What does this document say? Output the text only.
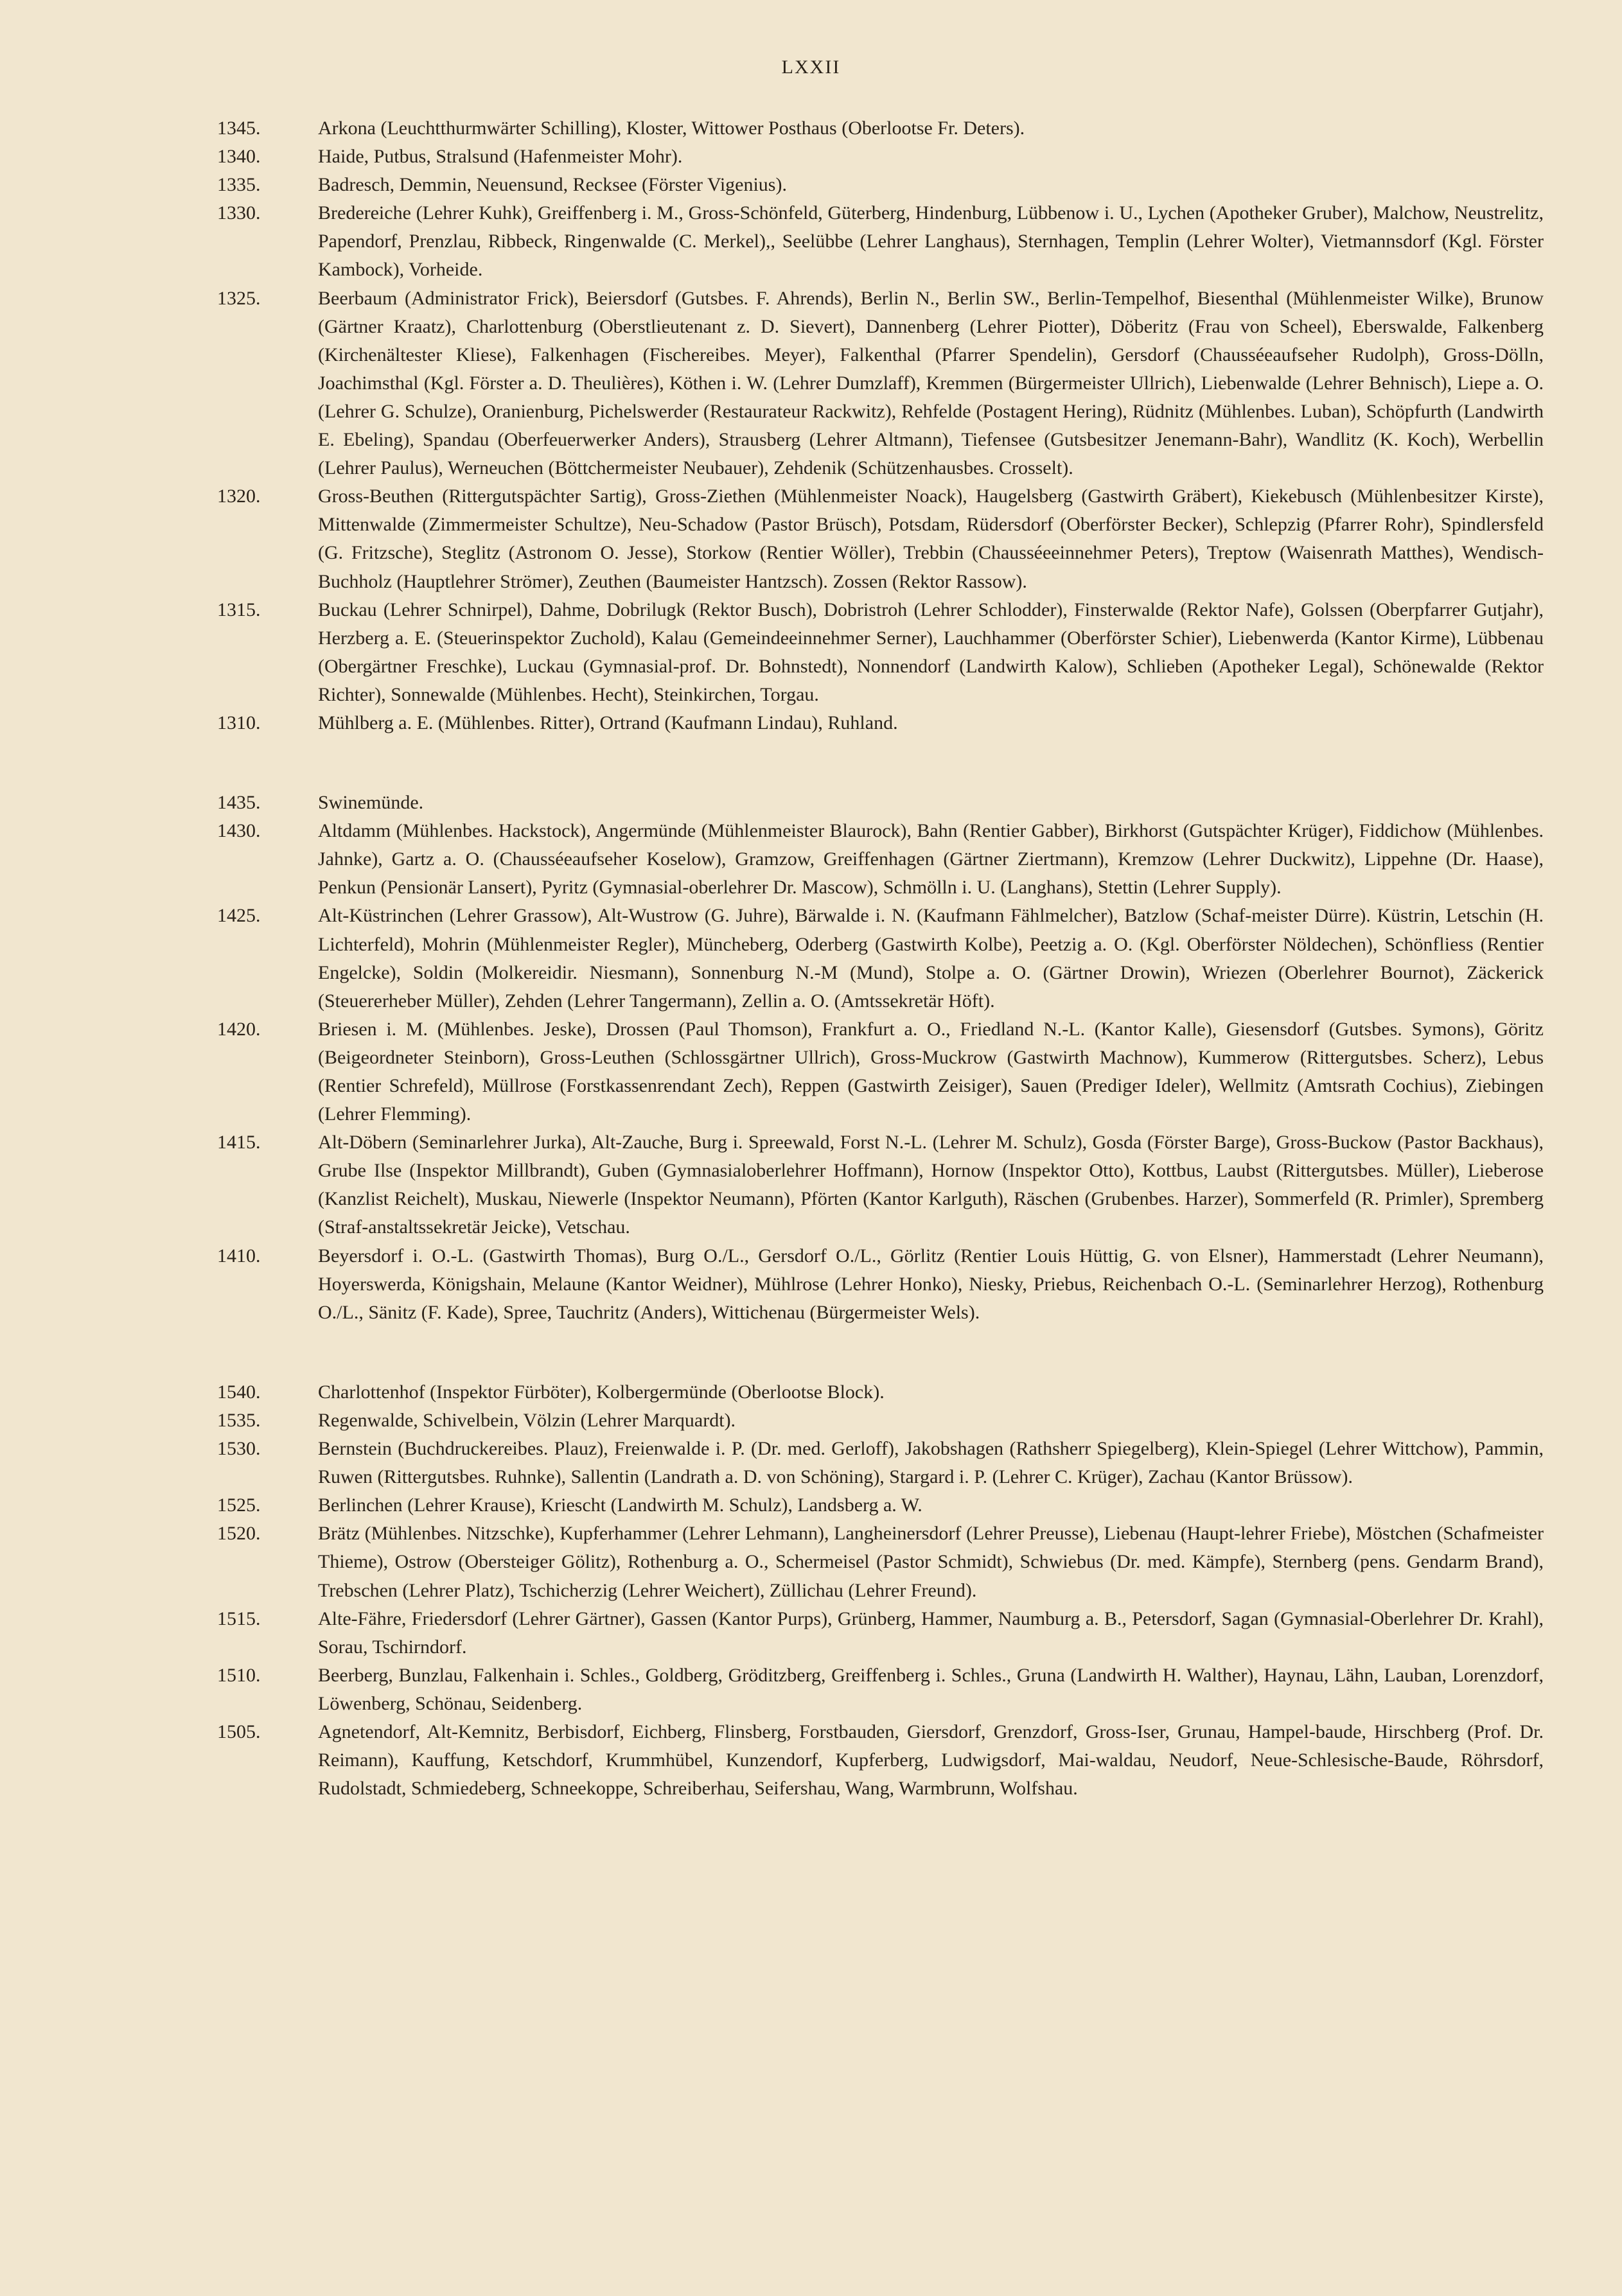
LXXII
1345.	Arkona (Leuchtthurmwärter Schilling), Kloster, Wittower Posthaus (Oberlootse Fr. Deters).
1340.	Haide, Putbus, Stralsund (Hafenmeister Mohr).
1335.	Badresch, Demmin, Neuensund, Recksee (Förster Vigenius).
1330.	Bredereiche (Lehrer Kuhk), Greiffenberg i. M., Gross-Schönfeld, Güterberg, Hindenburg, Lübbenow i. U., Lychen (Apotheker Gruber), Malchow, Neustrelitz, Papendorf, Prenzlau, Ribbeck, Ringenwalde (C. Merkel),, Seelübbe (Lehrer Langhaus), Sternhagen, Templin (Lehrer Wolter), Vietmannsdorf (Kgl. Förster Kambock), Vorheide.
1325.	Beerbaum (Administrator Frick), Beiersdorf (Gutsbes. F. Ahrends), Berlin N., Berlin SW., Berlin-Tempelhof, Biesenthal (Mühlenmeister Wilke), Brunow (Gärtner Kraatz), Charlottenburg (Oberstlieutenant z. D. Sievert), Dannenberg (Lehrer Piotter), Döberitz (Frau von Scheel), Eberswalde, Falkenberg (Kirchenältester Kliese), Falkenhagen (Fischereibes. Meyer), Falkenthal (Pfarrer Spendelin), Gersdorf (Chausséeaufseher Rudolph), Gross-Dölln, Joachimsthal (Kgl. Förster a. D. Theulières), Köthen i. W. (Lehrer Dumzlaff), Kremmen (Bürgermeister Ullrich), Liebenwalde (Lehrer Behnisch), Liepe a. O. (Lehrer G. Schulze), Oranienburg, Pichelswerder (Restaurateur Rackwitz), Rehfelde (Postagent Hering), Rüdnitz (Mühlenbes. Luban), Schöpfurth (Landwirth E. Ebeling), Spandau (Oberfeuerwerker Anders), Strausberg (Lehrer Altmann), Tiefensee (Gutsbesitzer Jenemann-Bahr), Wandlitz (K. Koch), Werbellin (Lehrer Paulus), Werneuchen (Böttchermeister Neubauer), Zehdenik (Schützenhausbes. Crosselt).
1320.	Gross-Beuthen (Rittergutspächter Sartig), Gross-Ziethen (Mühlenmeister Noack), Haugelsberg (Gastwirth Gräbert), Kiekebusch (Mühlenbesitzer Kirste), Mittenwalde (Zimmermeister Schultze), Neu-Schadow (Pastor Brüsch), Potsdam, Rüdersdorf (Oberförster Becker), Schlepzig (Pfarrer Rohr), Spindlersfeld (G. Fritzsche), Steglitz (Astronom O. Jesse), Storkow (Rentier Wöller), Trebbin (Chausséeeinnehmer Peters), Treptow (Waisenrath Matthes), Wendisch-Buchholz (Hauptlehrer Strömer), Zeuthen (Baumeister Hantzsch). Zossen (Rektor Rassow).
1315.	Buckau (Lehrer Schnirpel), Dahme, Dobrilugk (Rektor Busch), Dobristroh (Lehrer Schlodder), Finsterwalde (Rektor Nafe), Golssen (Oberpfarrer Gutjahr), Herzberg a. E. (Steuerinspektor Zuchold), Kalau (Gemeindeeinnehmer Serner), Lauchhammer (Oberförster Schier), Liebenwerda (Kantor Kirme), Lübbenau (Obergärtner Freschke), Luckau (Gymnasial-prof. Dr. Bohnstedt), Nonnendorf (Landwirth Kalow), Schlieben (Apotheker Legal), Schönewalde (Rektor Richter), Sonnewalde (Mühlenbes. Hecht), Steinkirchen, Torgau.
1310.	Mühlberg a. E. (Mühlenbes. Ritter), Ortrand (Kaufmann Lindau), Ruhland.
1435.	Swinemünde.
1430.	Altdamm (Mühlenbes. Hackstock), Angermünde (Mühlenmeister Blaurock), Bahn (Rentier Gabber), Birkhorst (Gutspächter Krüger), Fiddichow (Mühlenbes. Jahnke), Gartz a. O. (Chausséeaufseher Koselow), Gramzow, Greiffenhagen (Gärtner Ziertmann), Kremzow (Lehrer Duckwitz), Lippehne (Dr. Haase), Penkun (Pensionär Lansert), Pyritz (Gymnasial-oberlehrer Dr. Mascow), Schmölln i. U. (Langhans), Stettin (Lehrer Supply).
1425.	Alt-Küstrinchen (Lehrer Grassow), Alt-Wustrow (G. Juhre), Bärwalde i. N. (Kaufmann Fählmelcher), Batzlow (Schaf-meister Dürre). Küstrin, Letschin (H. Lichterfeld), Mohrin (Mühlenmeister Regler), Müncheberg, Oderberg (Gastwirth Kolbe), Peetzig a. O. (Kgl. Oberförster Nöldechen), Schönfliess (Rentier Engelcke), Soldin (Molkereidir. Niesmann), Sonnenburg N.-M (Mund), Stolpe a. O. (Gärtner Drowin), Wriezen (Oberlehrer Bournot), Zäckerick (Steuererheber Müller), Zehden (Lehrer Tangermann), Zellin a. O. (Amtssekretär Höft).
1420.	Briesen i. M. (Mühlenbes. Jeske), Drossen (Paul Thomson), Frankfurt a. O., Friedland N.-L. (Kantor Kalle), Giesensdorf (Gutsbes. Symons), Göritz (Beigeordneter Steinborn), Gross-Leuthen (Schlossgärtner Ullrich), Gross-Muckrow (Gastwirth Machnow), Kummerow (Rittergutsbes. Scherz), Lebus (Rentier Schrefeld), Müllrose (Forstkassenrendant Zech), Reppen (Gastwirth Zeisiger), Sauen (Prediger Ideler), Wellmitz (Amtsrath Cochius), Ziebingen (Lehrer Flemming).
1415.	Alt-Döbern (Seminarlehrer Jurka), Alt-Zauche, Burg i. Spreewald, Forst N.-L. (Lehrer M. Schulz), Gosda (Förster Barge), Gross-Buckow (Pastor Backhaus), Grube Ilse (Inspektor Millbrandt), Guben (Gymnasialoberlehrer Hoffmann), Hornow (Inspektor Otto), Kottbus, Laubst (Rittergutsbes. Müller), Lieberose (Kanzlist Reichelt), Muskau, Niewerle (Inspektor Neumann), Pförten (Kantor Karlguth), Räschen (Grubenbes. Harzer), Sommerfeld (R. Primler), Spremberg (Straf-anstaltssekretär Jeicke), Vetschau.
1410.	Beyersdorf i. O.-L. (Gastwirth Thomas), Burg O./L., Gersdorf O./L., Görlitz (Rentier Louis Hüttig, G. von Elsner), Hammerstadt (Lehrer Neumann), Hoyerswerda, Königshain, Melaune (Kantor Weidner), Mühlrose (Lehrer Honko), Niesky, Priebus, Reichenbach O.-L. (Seminarlehrer Herzog), Rothenburg O./L., Sänitz (F. Kade), Spree, Tauchritz (Anders), Wittichenau (Bürgermeister Wels).
1540.	Charlottenhof (Inspektor Fürböter), Kolbergermünde (Oberlootse Block).
1535.	Regenwalde, Schivelbein, Völzin (Lehrer Marquardt).
1530.	Bernstein (Buchdruckereibes. Plauz), Freienwalde i. P. (Dr. med. Gerloff), Jakobshagen (Rathsherr Spiegelberg), Klein-Spiegel (Lehrer Wittchow), Pammin, Ruwen (Rittergutsbes. Ruhnke), Sallentin (Landrath a. D. von Schöning), Stargard i. P. (Lehrer C. Krüger), Zachau (Kantor Brüssow).
1525.	Berlinchen (Lehrer Krause), Kriescht (Landwirth M. Schulz), Landsberg a. W.
1520.	Brätz (Mühlenbes. Nitzschke), Kupferhammer (Lehrer Lehmann), Langheinersdorf (Lehrer Preusse), Liebenau (Haupt-lehrer Friebe), Möstchen (Schafmeister Thieme), Ostrow (Obersteiger Gölitz), Rothenburg a. O., Schermeisel (Pastor Schmidt), Schwiebus (Dr. med. Kämpfe), Sternberg (pens. Gendarm Brand), Trebschen (Lehrer Platz), Tschicherzig (Lehrer Weichert), Züllichau (Lehrer Freund).
1515.	Alte-Fähre, Friedersdorf (Lehrer Gärtner), Gassen (Kantor Purps), Grünberg, Hammer, Naumburg a. B., Petersdorf, Sagan (Gymnasial-Oberlehrer Dr. Krahl), Sorau, Tschirndorf.
1510.	Beerberg, Bunzlau, Falkenhain i. Schles., Goldberg, Gröditzberg, Greiffenberg i. Schles., Gruna (Landwirth H. Walther), Haynau, Lähn, Lauban, Lorenzdorf, Löwenberg, Schönau, Seidenberg.
1505.	Agnetendorf, Alt-Kemnitz, Berbisdorf, Eichberg, Flinsberg, Forstbauden, Giersdorf, Grenzdorf, Gross-Iser, Grunau, Hampel-baude, Hirschberg (Prof. Dr. Reimann), Kauffung, Ketschdorf, Krummhübel, Kunzendorf, Kupferberg, Ludwigsdorf, Mai-waldau, Neudorf, Neue-Schlesische-Baude, Röhrsdorf, Rudolstadt, Schmiedeberg, Schneekoppe, Schreiberhau, Seifershau, Wang, Warmbrunn, Wolfshau.
